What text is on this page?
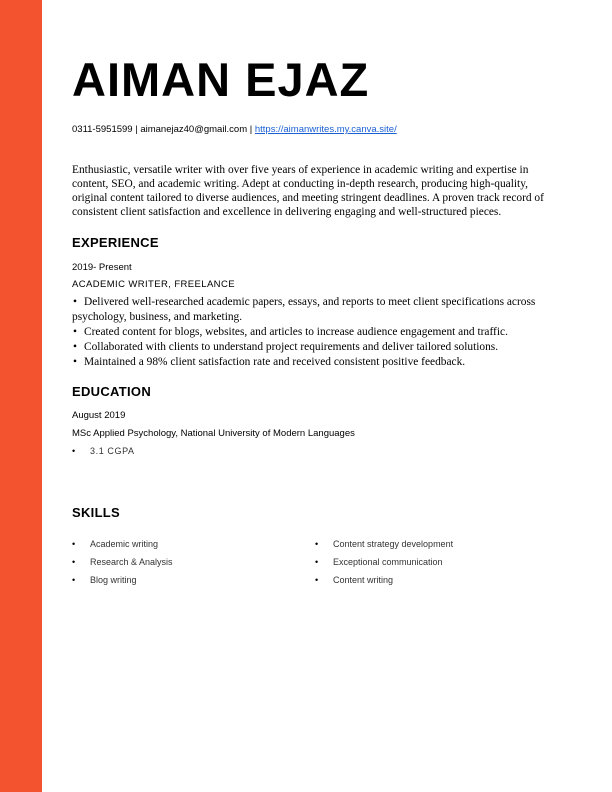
AIMAN EJAZ
0311-5951599 | aimanejaz40@gmail.com | https://aimanwrites.my.canva.site/

Enthusiastic, versatile writer with over five years of experience in academic writing and expertise in content, SEO, and academic writing. Adept at conducting in-depth research, producing high-quality, original content tailored to diverse audiences, and meeting stringent deadlines. A proven track record of consistent client satisfaction and excellence in delivering engaging and well-structured pieces.

EXPERIENCE
2019- Present
ACADEMIC WRITER, FREELANCE
• Delivered well-researched academic papers, essays, and reports to meet client specifications across psychology, business, and marketing.
• Created content for blogs, websites, and articles to increase audience engagement and traffic.
• Collaborated with clients to understand project requirements and deliver tailored solutions.
• Maintained a 98% client satisfaction rate and received consistent positive feedback.
EDUCATION
August 2019
MSc Applied Psychology, National University of Modern Languages
• 3.1 CGPA
SKILLS
• Academic writing
• Research & Analysis
• Blog writing
• Content strategy development
• Exceptional communication
• Content writing
